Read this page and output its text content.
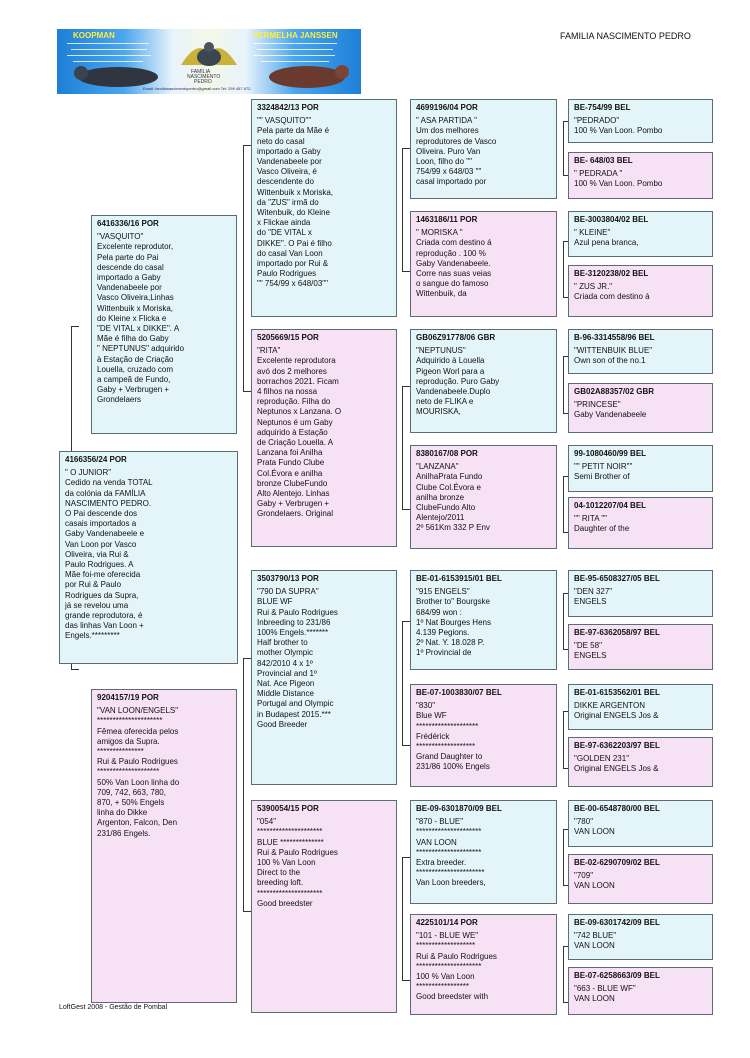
FAMILIA NASCIMENTO PEDRO
KOOPMAN	VERMELHA JANSSEN
FAMÍLIA
NASCIMENTO
PEDRO
Email: familianascimentopedro@gmail.com Tel: 259 457 672
4166356/24 POR
" O JUNIOR"
Cedido na venda TOTAL
da colónia da FAMÍLIA
NASCIMENTO PEDRO.
O Pai descende dos
casais importados a
Gaby Vandenabeele e
Van Loon por Vasco
Oliveira, via Rui &
Paulo Rodrigues. A
Mãe foi-me oferecida
por Rui & Paulo
Rodrigues da Supra,
já se revelou uma
grande reprodutora, é
das linhas Van Loon +
Engels.*********
6416336/16 POR
"VASQUITO"
Excelente reprodutor,
Pela parte do Pai
descende do casal
importado a Gaby
Vandenabeele por
Vasco Oliveira,Linhas
Wittenbuik x Moriska,
do Kleine x Flicka e
"DE VITAL x DIKKE". A
Mãe é filha do Gaby
" NEPTUNUS" adquirido
à Estação de Criação
Louella, cruzado com
a campeã de Fundo,
Gaby + Verbrugen +
Grondelaers
9204157/19 POR
"VAN LOON/ENGELS"
*********************
Fêmea oferecida pelos
amigos da Supra.
***************
Rui & Paulo Rodrigues
********************
50% Van Loon linha do
709, 742, 663, 780,
870, + 50% Engels
linha do Dikke
Argenton, Falcon, Den
231/86 Engels.
3324842/13 POR
"" VASQUITO""
Pela parte da Mãe é
neto do casal
importado a Gaby
Vandenabeele por
Vasco Oliveira, é
descendente do
Wittenbuik x Moriska,
da "ZUS" irmã do
Witenbuik, do Kleine
x Flickae ainda
do "DE VITAL x
DIKKE". O Pai é filho
do casal Van Loon
importado por Rui &
Paulo Rodrigues
"" 754/99 x 648/03""
5205669/15 POR
"RITA"
Excelente reprodutora
avó dos 2 melhores
borrachos 2021. Ficam
4 filhos na nossa
reprodução. Filha do
Neptunos x Lanzana. O
Neptunos é um Gaby
adquirido à Estação
de Criação Louella. A
Lanzana foi Anilha
Prata Fundo Clube
Col.Évora e anilha
bronze ClubeFundo
Alto Alentejo. Linhas
Gaby + Verbrugen +
Grondelaers. Original
3503790/13 POR
"790 DA SUPRA"
BLUE WF
Rui & Paulo Rodrigues
Inbreeding to 231/86
100% Engels.*******
Half brother to
mother Olympic
842/2010 4 x 1º
Provincial and 1º
Nat. Ace Pigeon
Middle Distance
Portugal and Olympic
in Budapest 2015.***
Good Breeder
5390054/15 POR
"054"
*********************
BLUE **************
Rui & Paulo Rodrigues
100 % Van Loon
Direct to the
breeding loft.
*********************
Good breedster
4699196/04 POR
" ASA PARTIDA "
Um dos melhores
reprodutores de Vasco
Oliveira. Puro Van
Loon, filho do ""
754/99 x 648/03 ""
casal importado por
1463186/11 POR
" MORISKA "
Criada com destino á
reprodução . 100 %
Gaby Vandenabeele.
Corre nas suas veias
o sangue do famoso
Wittenbuik, da
GB06Z91778/06 GBR
"NEPTUNUS"
Adquirido à Louella
Pigeon Worl para a
reprodução. Puro Gaby
Vandenabeele.Duplo
neto de FLIKA e
MOURISKA,
8380167/08 POR
"LANZANA"
AnilhaPrata Fundo
Clube Col.Évora e
anilha bronze
ClubeFundo Alto
Alentejo/2011
2º 561Km 332 P Env
BE-01-6153915/01 BEL
"915 ENGELS"
Brother to" Bourgske
684/99 won :
1º Nat Bourges Hens
4.139 Pegions.
2º Nat. Y. 18.028 P.
1º Provincial de
BE-07-1003830/07 BEL
"830"
Blue WF
********************
Frédérick
*******************
Grand Daughter to
231/86 100% Engels
BE-09-6301870/09 BEL
"870 - BLUE"
*********************
VAN LOON
*********************
Extra breeder.
**********************
Van Loon breeders,
4225101/14 POR
"101 - BLUE WE"
*******************
Rui & Paulo Rodrigues
*********************
100 % Van Loon
*****************
Good breedster with
BE-754/99 BEL
"PEDRADO"
100 % Van Loon. Pombo
BE- 648/03 BEL
" PEDRADA "
100 % Van Loon. Pombo
BE-3003804/02 BEL
" KLEINE"
Azul pena branca,
BE-3120238/02 BEL
" ZUS JR."
Criada com destino á
B-96-3314558/96 BEL
"WITTENBUIK BLUE"
Own son of the no.1
GB02A88357/02 GBR
"PRINCESE"
Gaby Vandenabeele
99-1080460/99 BEL
"" PETIT NOIR""
Semi Brother of
04-1012207/04 BEL
"" RITA ""
Daughter of the
BE-95-6508327/05 BEL
"DEN 327"
ENGELS
BE-97-6362058/97 BEL
"DE 58"
ENGELS
BE-01-6153562/01 BEL
DIKKE ARGENTON
Original ENGELS Jos &
BE-97-6362203/97 BEL
"GOLDEN 231"
Original ENGELS Jos &
BE-00-6548780/00 BEL
"780"
VAN LOON
BE-02-6290709/02 BEL
"709"
VAN LOON
BE-09-6301742/09 BEL
"742 BLUE"
VAN LOON
BE-07-6258663/09 BEL
"663 - BLUE WF"
VAN LOON
LoftGest 2008 - Gestão de Pombal
